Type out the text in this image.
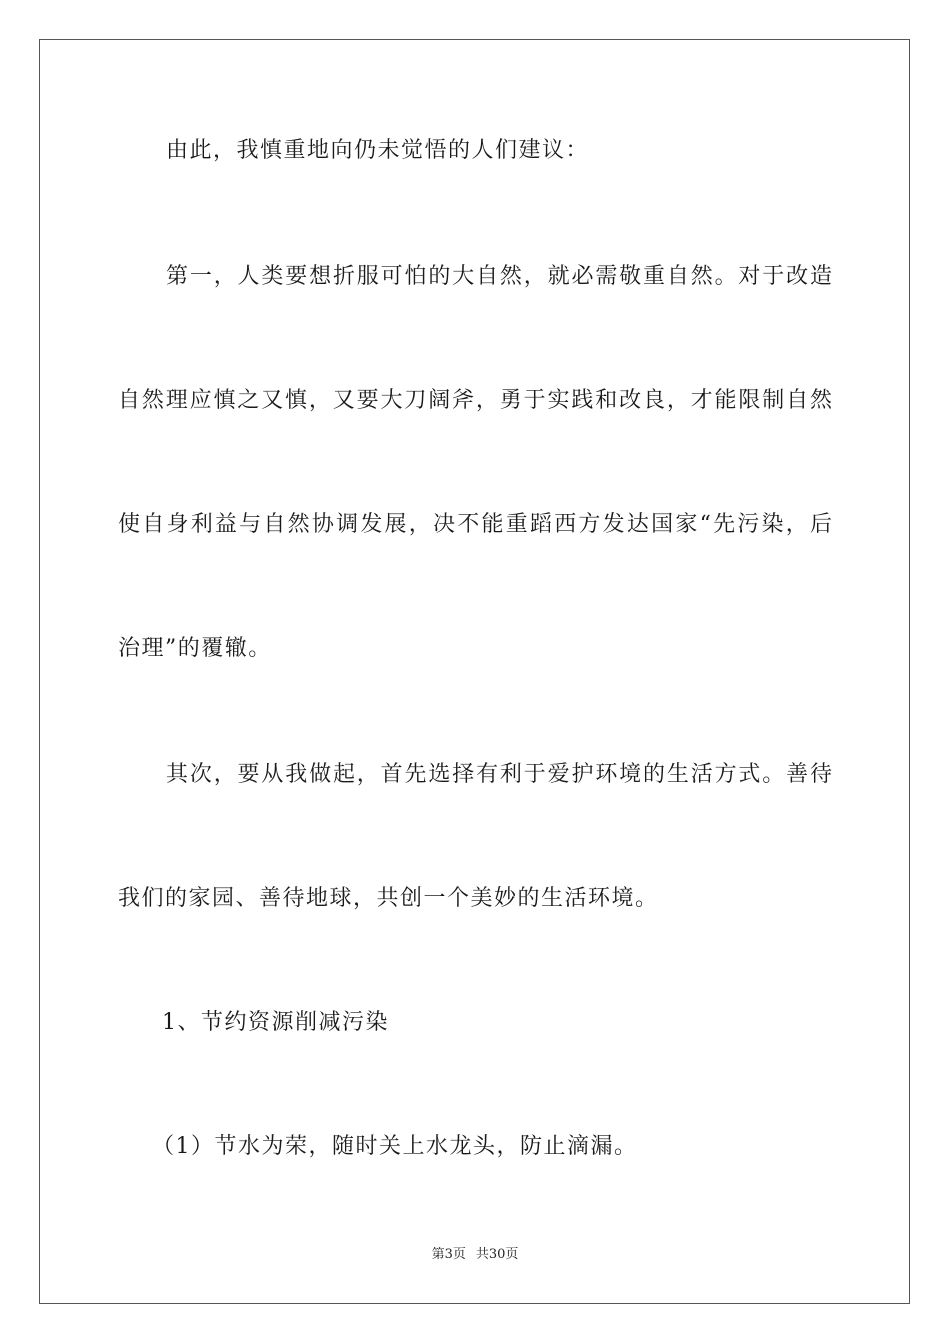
由此，我慎重地向仍未觉悟的人们建议：
第一，人类要想折服可怕的大自然，就必需敬重自然。对于改造
自然理应慎之又慎，又要大刀阔斧，勇于实践和改良，才能限制自然
使自身利益与自然协调发展，决不能重蹈西方发达国家“先污染，后
治理”的覆辙。
其次，要从我做起，首先选择有利于爱护环境的生活方式。善待
我们的家园、善待地球，共创一个美妙的生活环境。
1、节约资源削减污染
（1）节水为荣，随时关上水龙头，防止滴漏。
第3页 共30页
